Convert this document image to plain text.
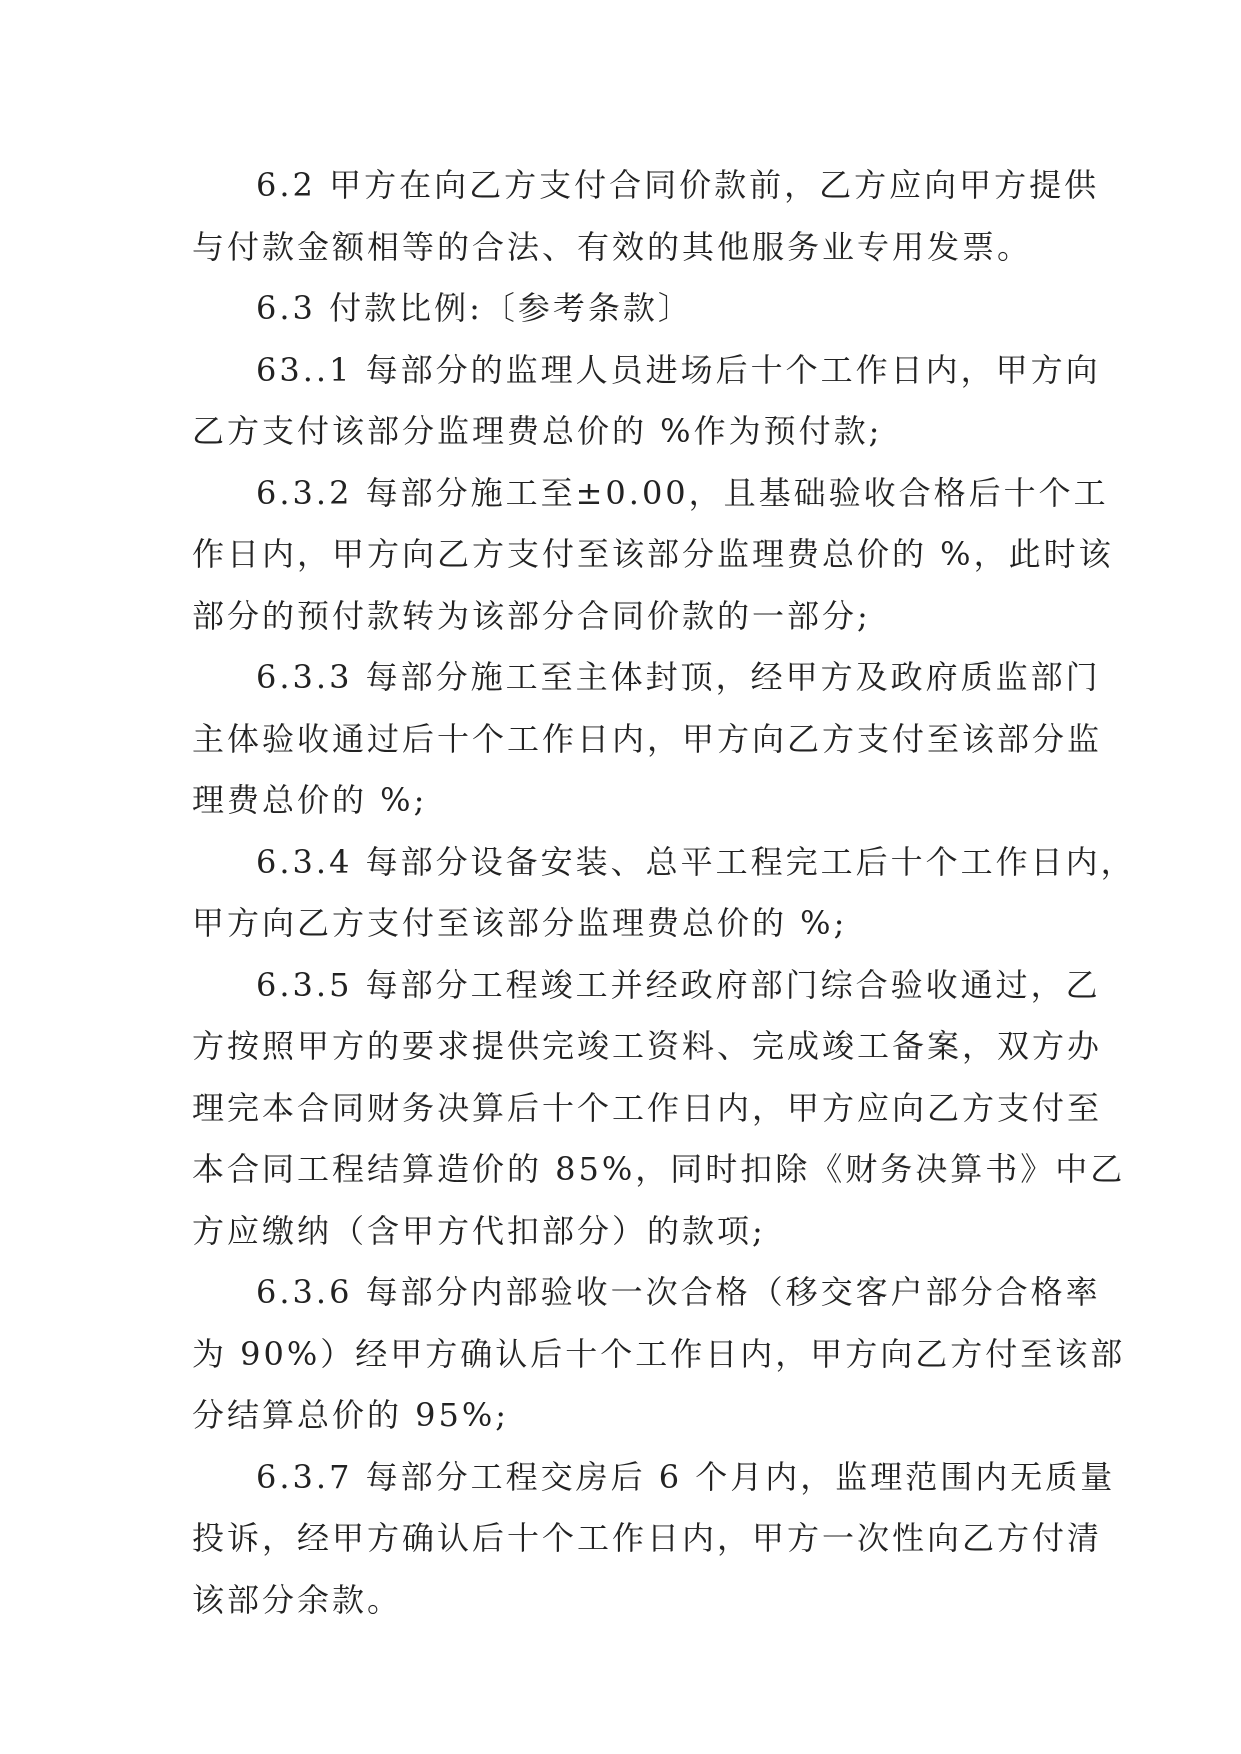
6.2 甲方在向乙方支付合同价款前，乙方应向甲方提供
与付款金额相等的合法、有效的其他服务业专用发票。

6.3 付款比例:〔参考条款〕

63..1 每部分的监理人员进场后十个工作日内，甲方向
乙方支付该部分监理费总价的 %作为预付款;

6.3.2 每部分施工至±0.00，且基础验收合格后十个工
作日内，甲方向乙方支付至该部分监理费总价的 %，此时该
部分的预付款转为该部分合同价款的一部分;

6.3.3 每部分施工至主体封顶，经甲方及政府质监部门
主体验收通过后十个工作日内，甲方向乙方支付至该部分监
理费总价的 %;

6.3.4 每部分设备安装、总平工程完工后十个工作日内，
甲方向乙方支付至该部分监理费总价的 %;

6.3.5 每部分工程竣工并经政府部门综合验收通过，乙
方按照甲方的要求提供完竣工资料、完成竣工备案，双方办
理完本合同财务决算后十个工作日内，甲方应向乙方支付至
本合同工程结算造价的 85%，同时扣除《财务决算书》中乙
方应缴纳（含甲方代扣部分）的款项;

6.3.6 每部分内部验收一次合格（移交客户部分合格率
为 90%）经甲方确认后十个工作日内，甲方向乙方付至该部
分结算总价的 95%;

6.3.7 每部分工程交房后 6 个月内，监理范围内无质量
投诉，经甲方确认后十个工作日内，甲方一次性向乙方付清
该部分余款。
